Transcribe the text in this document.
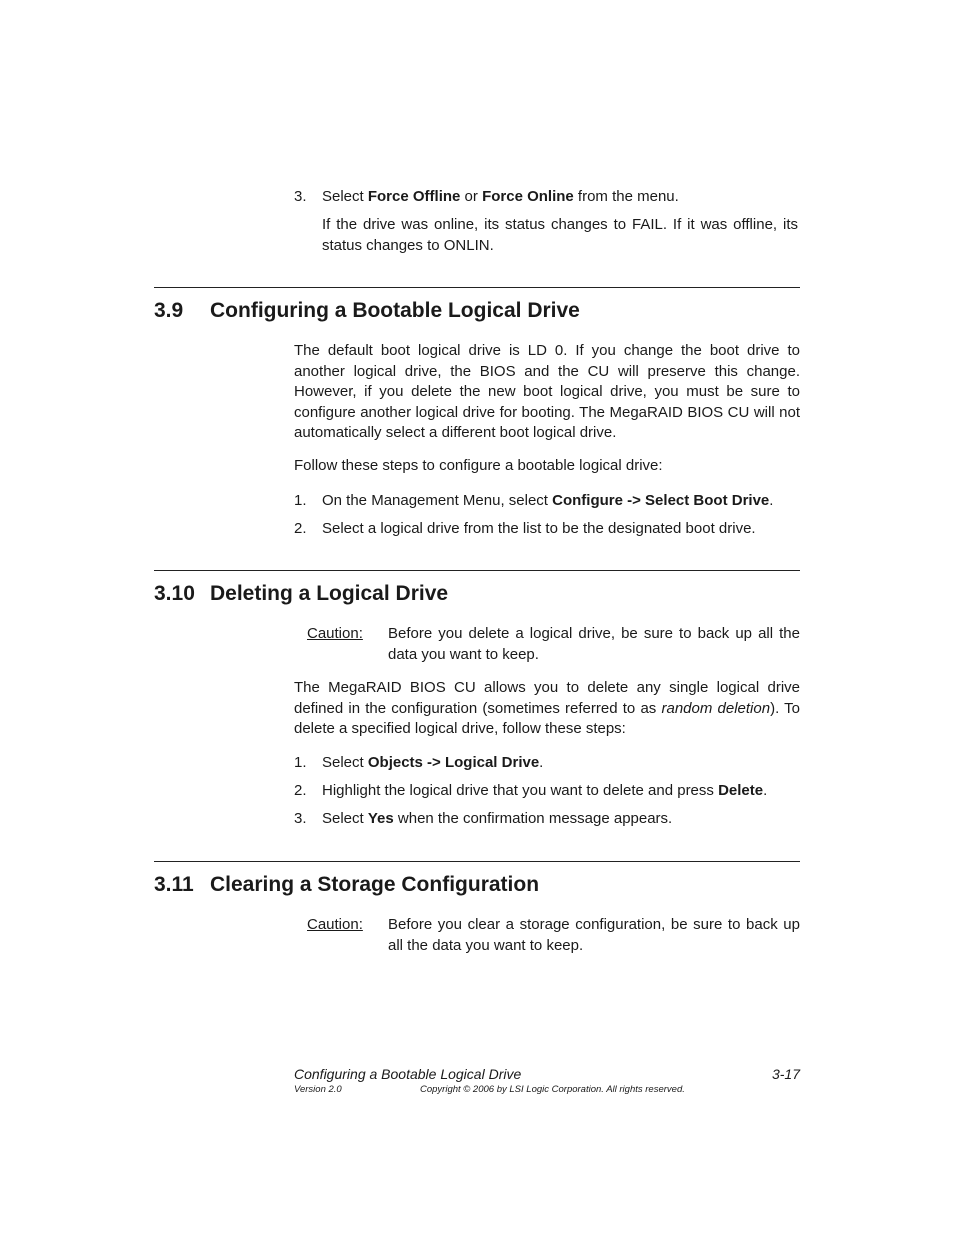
3. Select Force Offline or Force Online from the menu.
If the drive was online, its status changes to FAIL. If it was offline, its status changes to ONLIN.
3.9 Configuring a Bootable Logical Drive
The default boot logical drive is LD 0. If you change the boot drive to another logical drive, the BIOS and the CU will preserve this change. However, if you delete the new boot logical drive, you must be sure to configure another logical drive for booting. The MegaRAID BIOS CU will not automatically select a different boot logical drive.
Follow these steps to configure a bootable logical drive:
1. On the Management Menu, select Configure -> Select Boot Drive.
2. Select a logical drive from the list to be the designated boot drive.
3.10 Deleting a Logical Drive
Caution: Before you delete a logical drive, be sure to back up all the data you want to keep.
The MegaRAID BIOS CU allows you to delete any single logical drive defined in the configuration (sometimes referred to as random deletion). To delete a specified logical drive, follow these steps:
1. Select Objects -> Logical Drive.
2. Highlight the logical drive that you want to delete and press Delete.
3. Select Yes when the confirmation message appears.
3.11 Clearing a Storage Configuration
Caution: Before you clear a storage configuration, be sure to back up all the data you want to keep.
Configuring a Bootable Logical Drive	3-17
Version 2.0	Copyright © 2006 by LSI Logic Corporation. All rights reserved.
